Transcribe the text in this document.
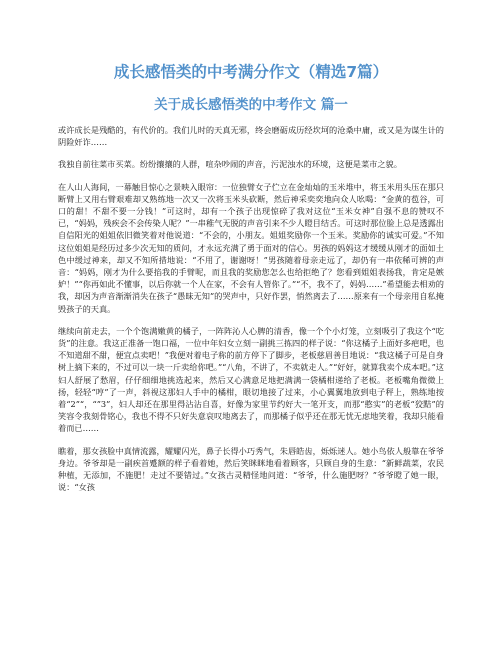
成长感悟类的中考满分作文（精选7篇）
关于成长感悟类的中考作文 篇一

或许成长是残酷的，有代价的。我们儿时的天真无邪，终会磨砺成历经坎坷的沧桑中庸，或又是为谋生计的阴险奸诈……

我独自前往菜市买菜。纷纷攘攘的人群，喧杂吵闹的声音，污泥浊水的环境，这便是菜市之貌。

在人山人海间，一幕触目惊心之景映入眼帘：一位独臂女子伫立在金灿灿的玉米堆中，将玉米用头压在那只断臂上又用右臂艰难却又熟练地一次又一次将玉米头砍断，然后神采奕奕地向众人吆喝：“金黄的苞谷，可口的甜！不甜不要一分钱！”可这时，却有一个孩子出现惊碎了我对这位“玉米女神”自强不息的赞叹不已，“妈妈，残疾会不会传染人呢？”一串稚气无脱的声音引来不少人瞪目结舌。可这时那位脸上总是透露出自信阳光的姐姐依旧微笑着对他说道：“不会的，小朋友。姐姐奖励你一个玉米。奖励你的诚实可爱。”不知这位姐姐是经历过多少次无知的质问，才永远充满了勇于面对的信心。男孩的妈妈这才缓缓从刚才的面如土色中缓过神来，却又不知所措地说：“不用了，谢谢呀！”男孩随着母亲走远了，却仍有一串依稀可辨的声音：“妈妈，刚才为什么要掐我的手臂呢，而且我的奖励您怎么也给拒绝了？您看到姐姐表扬我，肯定是嫉妒！”“你再如此不懂事，以后你就一个人在家，不会有人管你了。”“不，我不了，妈妈……”希望能去相劝的我，却因为声音渐渐消失在孩子“愚昧无知”的哭声中，只好作罢，悄然离去了……原来有一个母亲用自私掩毁孩子的天真。

继续向前走去，一个个饱满嫩黄的橘子，一阵阵沁人心脾的清香，像一个个小灯笼，立刻吸引了我这个“吃货”的注意。我这正准备一饱口福，一位中年妇女立刻一副挑三拣四的样子说：“你这橘子上面好多疤吧，也不知道甜不甜，便宜点卖吧！”我便对着电子称的前方停下了脚步，老板慈眉善目地说：“我这橘子可是自身树上摘下来的，不过可以一块一斤卖给你吧。”“八角，不讲了，不卖就走人。”“好好，就算我卖个成本吧。”这妇人舒展了愁眉，仔仔细细地挑选起来，然后又心满意足地把满满一袋橘柑递给了老板。老板嘴角微微上扬，轻轻“哼”了一声，斜视这那妇人手中的橘柑，眼切地接了过来，小心翼翼地放到电子秤上，熟练地按着“2”“，“”3”，妇人却还在那里得沾沾自喜，好像为家里节约好大一笔开支，而那“憨实”的老板“狡黠”的笑容令我刻骨铭心，我也不得不只好失意哀叹地离去了，而那橘子似乎还在那无忧无虑地笑着，我却只能看着而已……

瞧着，那女孩脸中真情流露，耀耀闪光，鼻子长得小巧秀气，朱唇皓齿，烁烁迷人。她小鸟依人般靠在爷爷身边。爷爷却是一副疾首蹙额的样子看着她，然后笑眯眯地看着顾客，只顾自身的生意：“新鲜蔬菜，农民种植，无添加，不施肥！走过不要错过。”女孩古灵精怪地问道：“爷爷，什么施肥呀？”爷爷瞪了她一眼，说：“女孩
